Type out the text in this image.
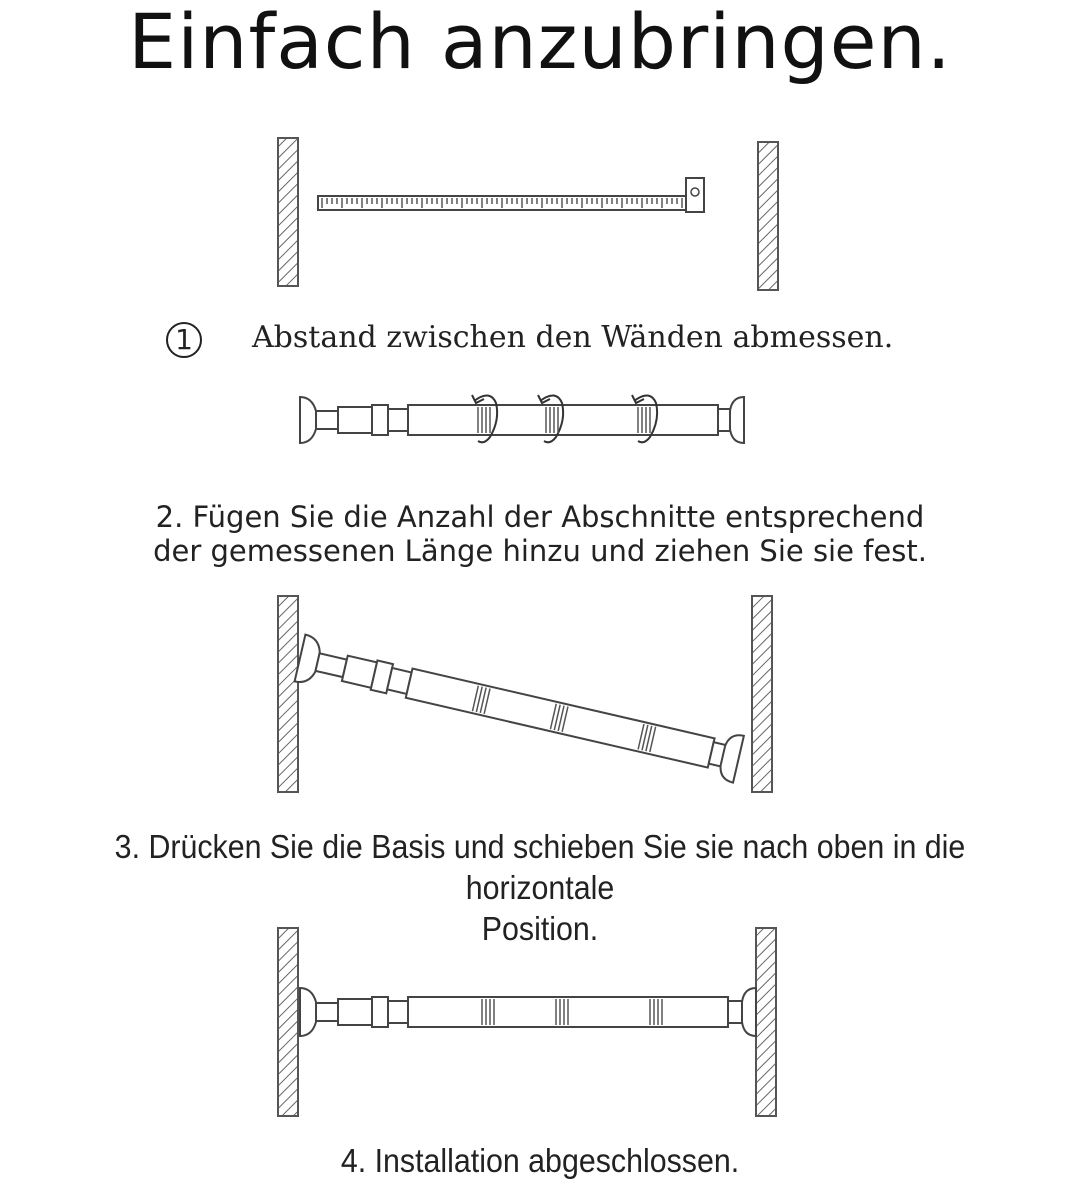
Einfach anzubringen.
1	Abstand zwischen den Wänden abmessen.
2. Fügen Sie die Anzahl der Abschnitte entsprechend
der gemessenen Länge hinzu und ziehen Sie sie fest.
3. Drücken Sie die Basis und schieben Sie sie nach oben in die horizontale
Position.
4. Installation abgeschlossen.
